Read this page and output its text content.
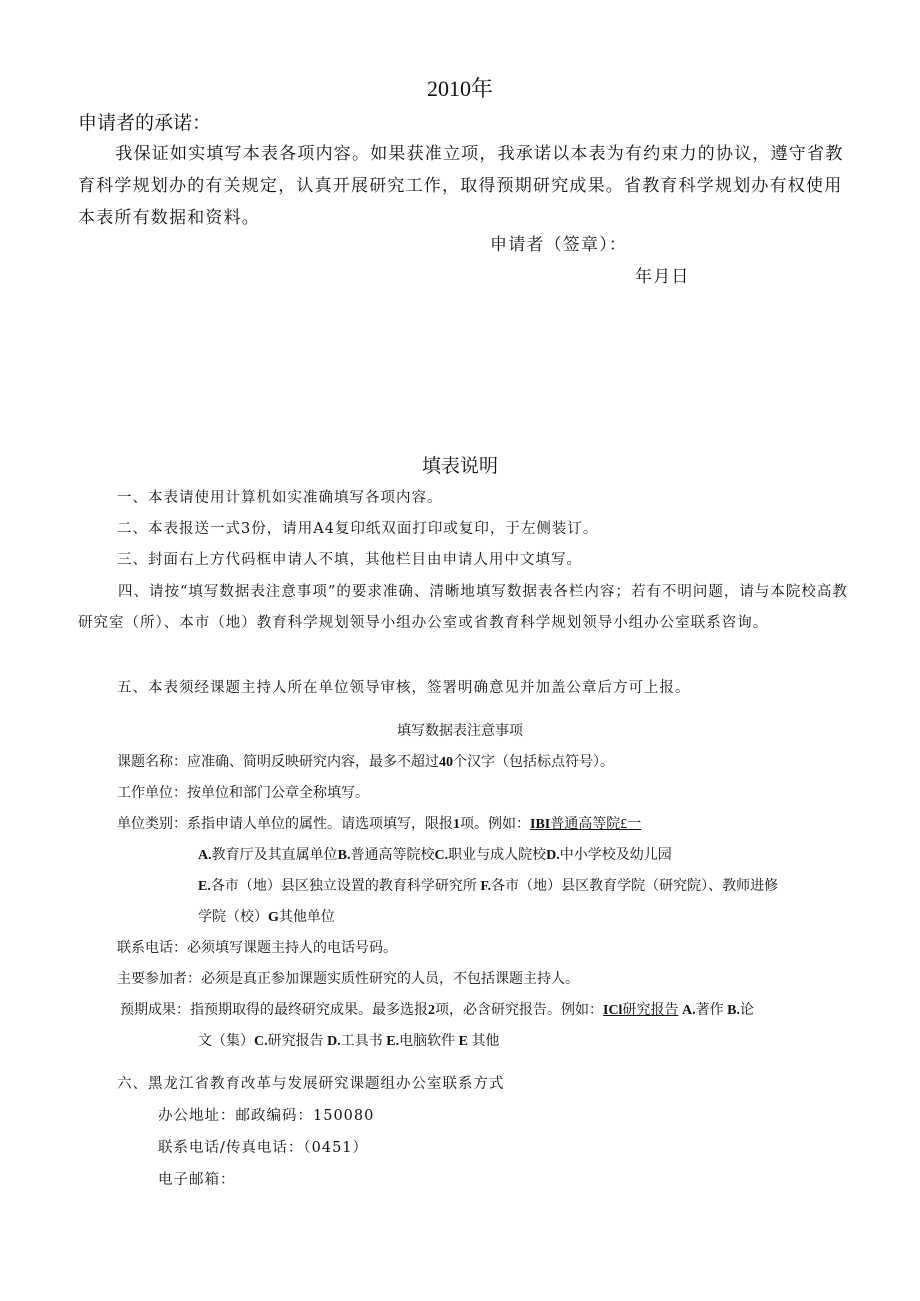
2010年
申请者的承诺：
我保证如实填写本表各项内容。如果获准立项，我承诺以本表为有约束力的协议，遵守省教育科学规划办的有关规定，认真开展研究工作，取得预期研究成果。省教育科学规划办有权使用本表所有数据和资料。
申请者（签章）：
年月日
填表说明
一、本表请使用计算机如实准确填写各项内容。
二、本表报送一式3份，请用A4复印纸双面打印或复印，于左侧装订。
三、封面右上方代码框申请人不填，其他栏目由申请人用中文填写。
四、请按“填写数据表注意事项”的要求准确、清晰地填写数据表各栏内容；若有不明问题，请与本院校高教研究室（所）、本市（地）教育科学规划领导小组办公室或省教育科学规划领导小组办公室联系咨询。
五、本表须经课题主持人所在单位领导审核，签署明确意见并加盖公章后方可上报。
填写数据表注意事项
课题名称：应准确、简明反映研究内容，最多不超过40个汉字（包括标点符号）。
工作单位：按单位和部门公章全称填写。
单位类别：系指申请人单位的属性。请选项填写，限报1项。例如：IBI普通高等院£一
A.教育厅及其直属单位B.普通高等院校C.职业与成人院校D.中小学校及幼儿园
E.各市（地）县区独立设置的教育科学研究所 F.各市（地）县区教育学院（研究院）、教师进修
学院（校）G其他单位
联系电话：必须填写课题主持人的电话号码。
主要参加者：必须是真正参加课题实质性研究的人员，不包括课题主持人。
预期成果：指预期取得的最终研究成果。最多选报2项，必含研究报告。例如：ICl研究报告 A.著作 B.论
文（集）C.研究报告 D.工具书 E.电脑软件 E 其他
六、黑龙江省教育改革与发展研究课题组办公室联系方式
办公地址：邮政编码：150080
联系电话/传真电话：（0451）
电子邮箱：
